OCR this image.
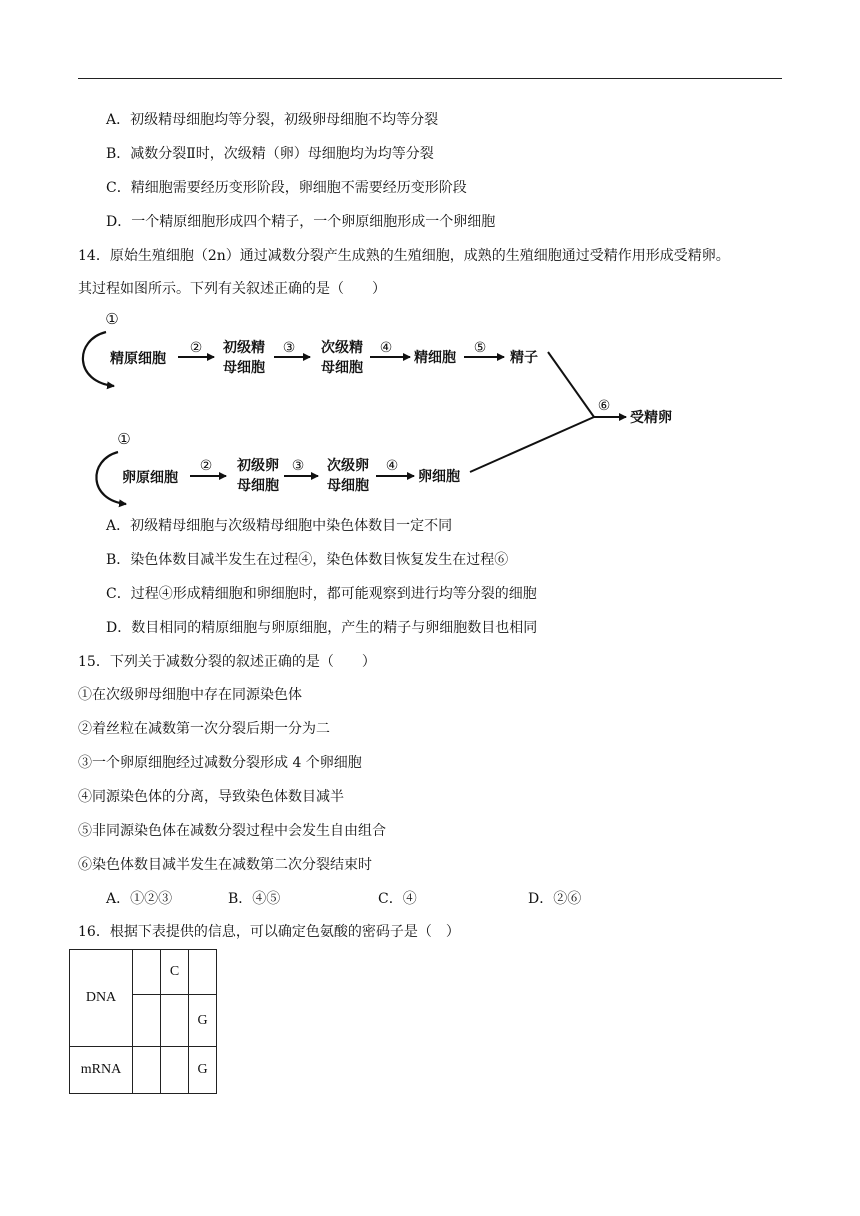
A．初级精母细胞均等分裂，初级卵母细胞不均等分裂
B．减数分裂Ⅱ时，次级精（卵）母细胞均为均等分裂
C．精细胞需要经历变形阶段，卵细胞不需要经历变形阶段
D．一个精原细胞形成四个精子，一个卵原细胞形成一个卵细胞
14．原始生殖细胞（2n）通过减数分裂产生成熟的生殖细胞，成熟的生殖细胞通过受精作用形成受精卵。
其过程如图所示。下列有关叙述正确的是（　　）
①
精原细胞
② 初级精
母细胞
③ 次级精
母细胞
④
精细胞
⑤
精子
⑥
受精卵
①
卵原细胞
② 初级卵
母细胞
③ 次级卵
母细胞
④
卵细胞
A．初级精母细胞与次级精母细胞中染色体数目一定不同
B．染色体数目减半发生在过程④，染色体数目恢复发生在过程⑥
C．过程④形成精细胞和卵细胞时，都可能观察到进行均等分裂的细胞
D．数目相同的精原细胞与卵原细胞，产生的精子与卵细胞数目也相同
15．下列关于减数分裂的叙述正确的是（　　）
①在次级卵母细胞中存在同源染色体
②着丝粒在减数第一次分裂后期一分为二
③一个卵原细胞经过减数分裂形成 4 个卵细胞
④同源染色体的分离，导致染色体数目减半
⑤非同源染色体在减数分裂过程中会发生自由组合
⑥染色体数目减半发生在减数第二次分裂结束时
A．①②③	B．④⑤	C．④	D．②⑥
16．根据下表提供的信息，可以确定色氨酸的密码子是（　）
DNA		C	
			G
mRNA			G
